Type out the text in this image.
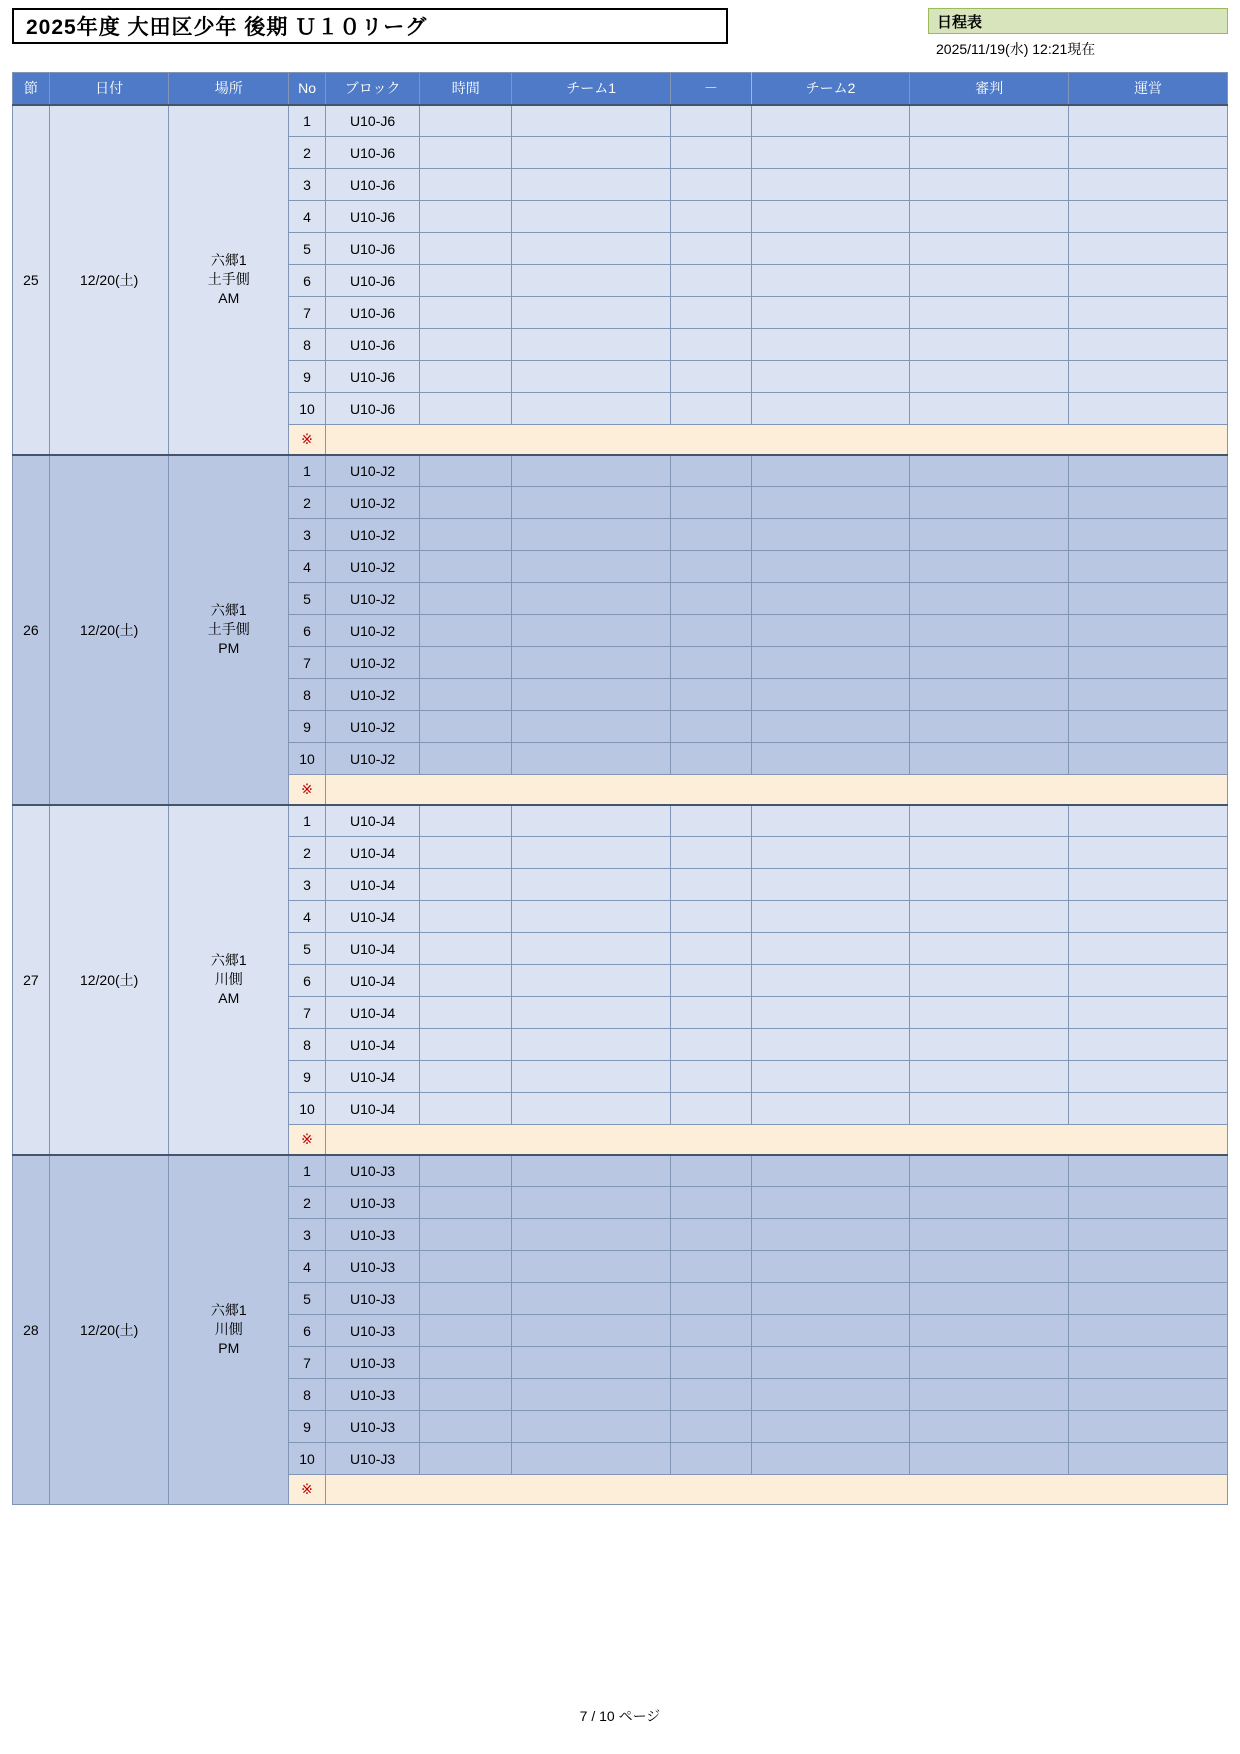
2025年度 大田区少年 後期 Ｕ１０リーグ	日程表
2025/11/19(水) 12:21現在
節	日付	場所	No	ブロック	時間	チーム1	－	チーム2	審判	運営
25	12/20(土)	六郷1
土手側
AM	1	U10-J6						
			2	U10-J6						
			3	U10-J6						
			4	U10-J6						
			5	U10-J6						
			6	U10-J6						
			7	U10-J6						
			8	U10-J6						
			9	U10-J6						
			10	U10-J6						
			※							
26	12/20(土)	六郷1
土手側
PM	1	U10-J2						
			2	U10-J2						
			3	U10-J2						
			4	U10-J2						
			5	U10-J2						
			6	U10-J2						
			7	U10-J2						
			8	U10-J2						
			9	U10-J2						
			10	U10-J2						
			※							
27	12/20(土)	六郷1
川側
AM	1	U10-J4						
			2	U10-J4						
			3	U10-J4						
			4	U10-J4						
			5	U10-J4						
			6	U10-J4						
			7	U10-J4						
			8	U10-J4						
			9	U10-J4						
			10	U10-J4						
			※							
28	12/20(土)	六郷1
川側
PM	1	U10-J3						
			2	U10-J3						
			3	U10-J3						
			4	U10-J3						
			5	U10-J3						
			6	U10-J3						
			7	U10-J3						
			8	U10-J3						
			9	U10-J3						
			10	U10-J3						
			※							
7 / 10 ページ
